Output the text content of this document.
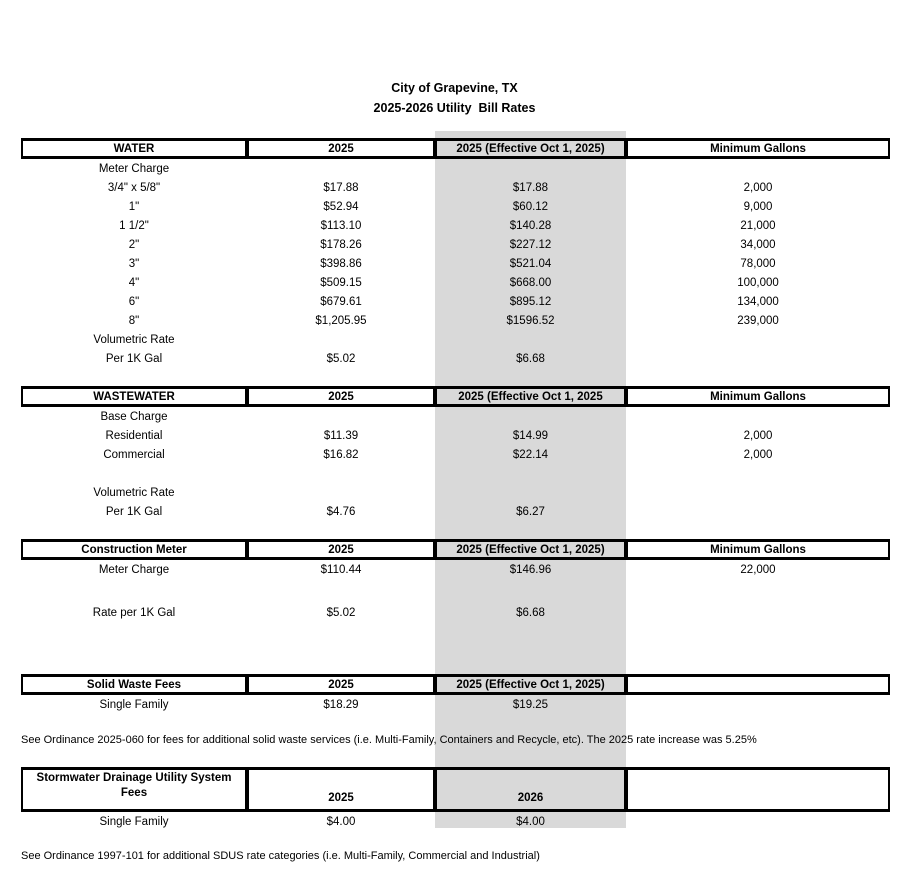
City of Grapevine, TX
2025-2026 Utility  Bill Rates
WATER	2025	2025 (Effective Oct 1, 2025)	Minimum Gallons
Meter Charge
3/4" x 5/8"	$17.88	$17.88	2,000
1"	$52.94	$60.12	9,000
1 1/2"	$113.10	$140.28	21,000
2"	$178.26	$227.12	34,000
3"	$398.86	$521.04	78,000
4"	$509.15	$668.00	100,000
6"	$679.61	$895.12	134,000
8"	$1,205.95	$1596.52	239,000
Volumetric Rate
Per 1K Gal	$5.02	$6.68
WASTEWATER	2025	2025 (Effective Oct 1, 2025	Minimum Gallons
Base Charge
Residential	$11.39	$14.99	2,000
Commercial	$16.82	$22.14	2,000
Volumetric Rate
Per 1K Gal	$4.76	$6.27
Construction Meter	2025	2025 (Effective Oct 1, 2025)	Minimum Gallons
Meter Charge	$110.44	$146.96	22,000
Rate per 1K Gal	$5.02	$6.68
Solid Waste Fees	2025	2025 (Effective Oct 1, 2025)
Single Family	$18.29	$19.25
See Ordinance 2025-060 for fees for additional solid waste services (i.e. Multi-Family, Containers and Recycle, etc). The 2025 rate increase was 5.25%
Stormwater Drainage Utility System
Fees	2025	2026
Single Family	$4.00	$4.00
See Ordinance 1997-101 for additional SDUS rate categories (i.e. Multi-Family, Commercial and Industrial)
